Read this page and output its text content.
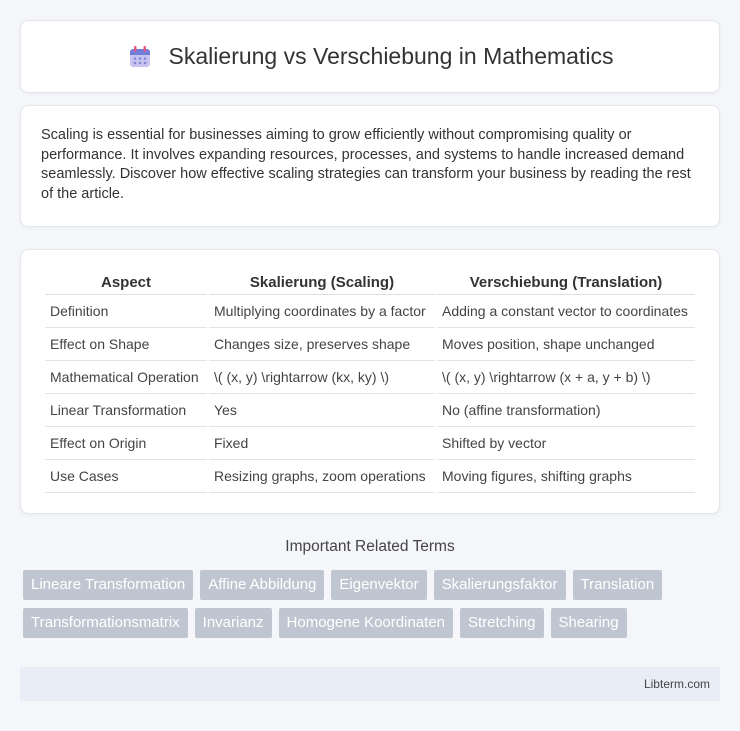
Skalierung vs Verschiebung in Mathematics

Scaling is essential for businesses aiming to grow efficiently without compromising quality or performance. It involves expanding resources, processes, and systems to handle increased demand seamlessly. Discover how effective scaling strategies can transform your business by reading the rest of the article.

Aspect	Skalierung (Scaling)	Verschiebung (Translation)
Definition	Multiplying coordinates by a factor	Adding a constant vector to coordinates
Effect on Shape	Changes size, preserves shape	Moves position, shape unchanged
Mathematical Operation	\( (x, y) \rightarrow (kx, ky) \)	\( (x, y) \rightarrow (x + a, y + b) \)
Linear Transformation	Yes	No (affine transformation)
Effect on Origin	Fixed	Shifted by vector
Use Cases	Resizing graphs, zoom operations	Moving figures, shifting graphs
Important Related Terms
Lineare Transformation	Affine Abbildung	Eigenvektor	Skalierungsfaktor	Translation
Transformationsmatrix	Invarianz	Homogene Koordinaten	Stretching	Shearing
Libterm.com
